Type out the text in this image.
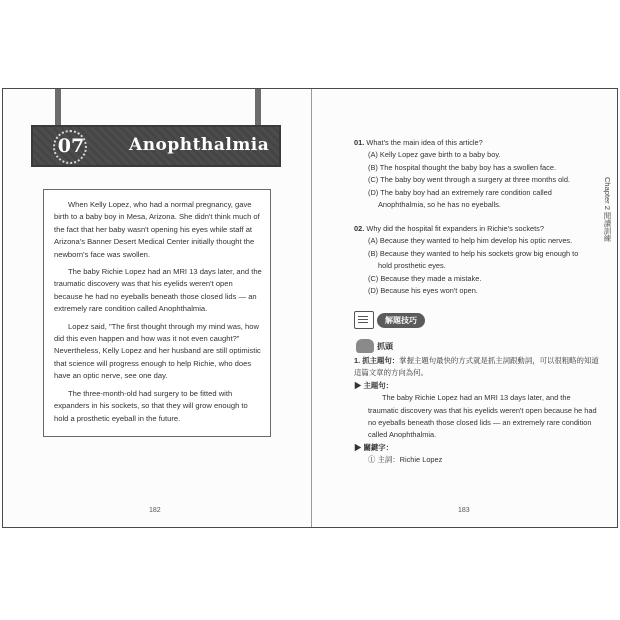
07	Anophthalmia

When Kelly Lopez, who had a normal pregnancy, gave birth to a baby boy in Mesa, Arizona. She didn't think much of the fact that her baby wasn't opening his eyes while staff at Arizona's Banner Desert Medical Center initially thought the newborn's face was swollen.

The baby Richie Lopez had an MRI 13 days later, and the traumatic discovery was that his eyelids weren't open because he had no eyeballs beneath those closed lids — an extremely rare condition called Anophthalmia.

Lopez said, "The first thought through my mind was, how did this even happen and how was it not even caught?" Nevertheless, Kelly Lopez and her husband are still optimistic that science will progress enough to help Richie, who does have an optic nerve, see one day.

The three-month-old had surgery to be fitted with expanders in his sockets, so that they will grow enough to hold a prosthetic eyeball in the future.

182
Chapter 2 閱讀訓練
01. What's the main idea of this article?
(A) Kelly Lopez gave birth to a baby boy.
(B) The hospital thought the baby boy has a swollen face.
(C) The baby boy went through a surgery at three months old.
(D) The baby boy had an extremely rare condition called Anophthalmia, so he has no eyeballs.
02. Why did the hospital fit expanders in Richie's sockets?
(A) Because they wanted to help him develop his optic nerves.
(B) Because they wanted to help his sockets grow big enough to hold prosthetic eyes.
(C) Because they made a mistake.
(D) Because his eyes won't open.
解題技巧
抓頭
1. 抓主題句：掌握主題句最快的方式就是抓主詞跟動詞，可以很粗略的知道這篇文章的方向為何。
▶ 主題句：
The baby Richie Lopez had an MRI 13 days later, and the traumatic discovery was that his eyelids weren't open because he had no eyeballs beneath those closed lids — an extremely rare condition called Anophthalmia.
▶ 關鍵字：
① 主詞：Richie Lopez
183
